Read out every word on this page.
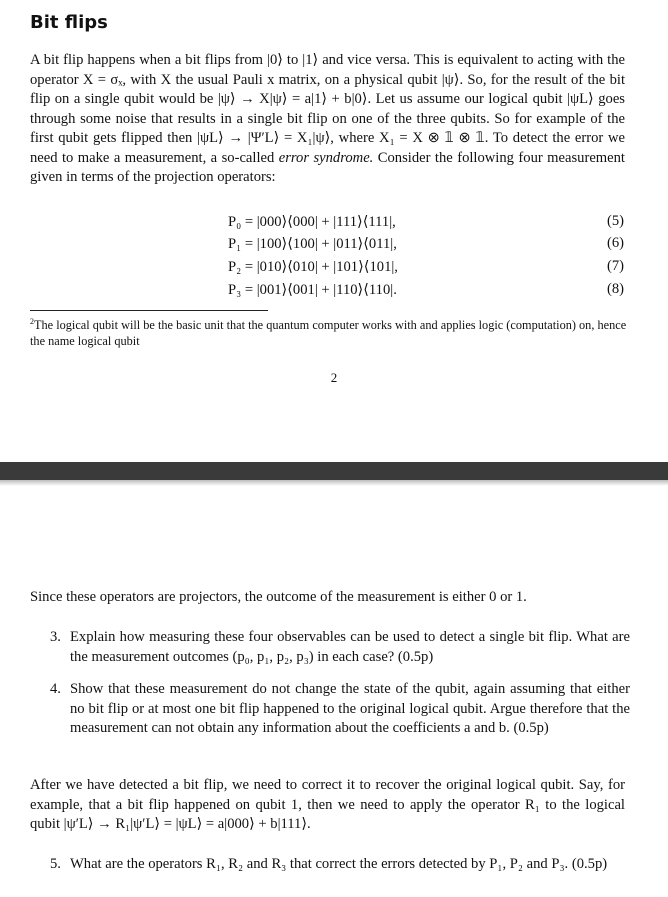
Bit flips

A bit flip happens when a bit flips from |0⟩ to |1⟩ and vice versa. This is equivalent to acting with the operator X = σₓ, with X the usual Pauli x matrix, on a physical qubit |ψ⟩. So, for the result of the bit flip on a single qubit would be |ψ⟩ → X|ψ⟩ = a|1⟩ + b|0⟩. Let us assume our logical qubit |ψL⟩ goes through some noise that results in a single bit flip on one of the three qubits. So for example of the first qubit gets flipped then |ψL⟩ → |Ψ′L⟩ = X₁|ψ⟩, where X₁ = X ⊗ 𝟙 ⊗ 𝟙. To detect the error we need to make a measurement, a so-called error syndrome. Consider the following four measurement given in terms of the projection operators:

P₀ = |000⟩⟨000| + |111⟩⟨111|,	(5)
P₁ = |100⟩⟨100| + |011⟩⟨011|,	(6)
P₂ = |010⟩⟨010| + |101⟩⟨101|,	(7)
P₃ = |001⟩⟨001| + |110⟩⟨110|.	(8)

$^2$The logical qubit will be the basic unit that the quantum computer works with and applies logic (computation) on, hence the name logical qubit

2

Since these operators are projectors, the outcome of the measurement is either 0 or 1.

3. Explain how measuring these four observables can be used to detect a single bit flip. What are the measurement outcomes (p₀, p₁, p₂, p₃) in each case? (0.5p)
4. Show that these measurement do not change the state of the qubit, again assuming that either no bit flip or at most one bit flip happened to the original logical qubit. Argue therefore that the measurement can not obtain any information about the coefficients a and b. (0.5p)

After we have detected a bit flip, we need to correct it to recover the original logical qubit. Say, for example, that a bit flip happened on qubit 1, then we need to apply the operator R₁ to the logical qubit |ψ′L⟩ → R₁|ψ′L⟩ = |ψL⟩ = a|000⟩ + b|111⟩.

5. What are the operators R₁, R₂ and R₃ that correct the errors detected by P₁, P₂ and P₃. (0.5p)
